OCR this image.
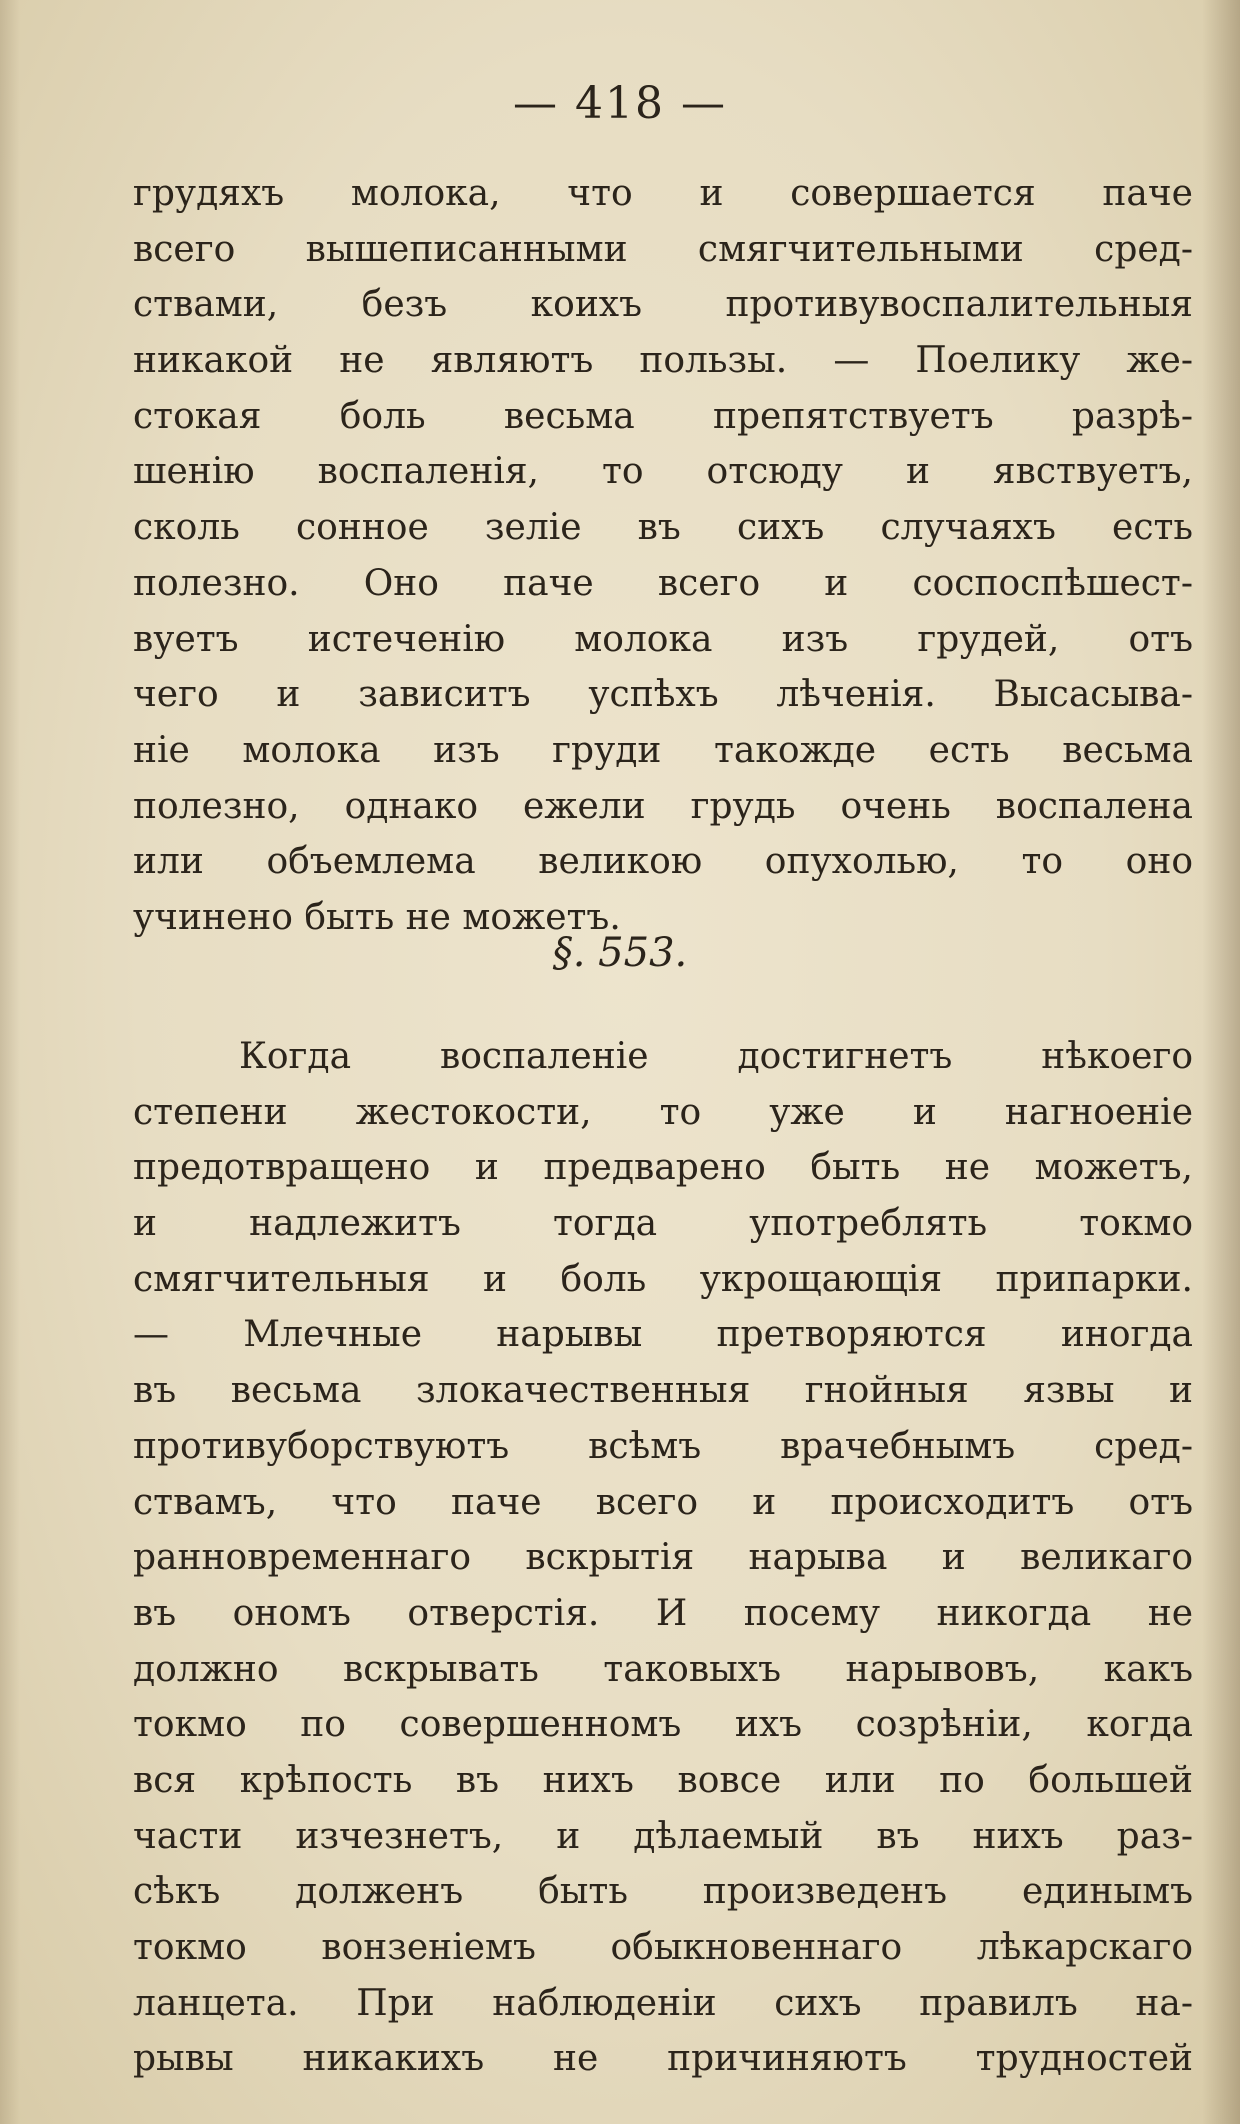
— 418 —
грудяхъ молока, что и совершается паче
всего вышеписанными смягчительными сред-
ствами, безъ коихъ противувоспалительныя
никакой не являютъ пользы. — Поелику же-
стокая боль весьма препятствуетъ разрѣ-
шенію воспаленія, то отсюду и явствуетъ,
сколь сонное зеліе въ сихъ случаяхъ есть
полезно. Оно паче всего и соспоспѣшест-
вуетъ истеченію молока изъ грудей, отъ
чего и зависитъ успѣхъ лѣченія. Высасыва-
ніе молока изъ груди такожде есть весьма
полезно, однако ежели грудь очень воспалена
или объемлема великою опухолью, то оно
учинено быть не можетъ.
§. 553.
Когда воспаленіе достигнетъ нѣкоего
степени жестокости, то уже и нагноеніе
предотвращено и предварено быть не можетъ,
и надлежитъ тогда употреблять токмо
смягчительныя и боль укрощающія припарки.
— Млечные нарывы претворяются иногда
въ весьма злокачественныя гнойныя язвы и
противуборствуютъ всѣмъ врачебнымъ сред-
ствамъ, что паче всего и происходитъ отъ
ранновременнаго вскрытія нарыва и великаго
въ ономъ отверстія. И посему никогда не
должно вскрывать таковыхъ нарывовъ, какъ
токмо по совершенномъ ихъ созрѣніи, когда
вся крѣпость въ нихъ вовсе или по большей
части изчезнетъ, и дѣлаемый въ нихъ раз-
сѣкъ долженъ быть произведенъ единымъ
токмо вонзеніемъ обыкновеннаго лѣкарскаго
ланцета. При наблюденіи сихъ правилъ на-
рывы никакихъ не причиняютъ трудностей
